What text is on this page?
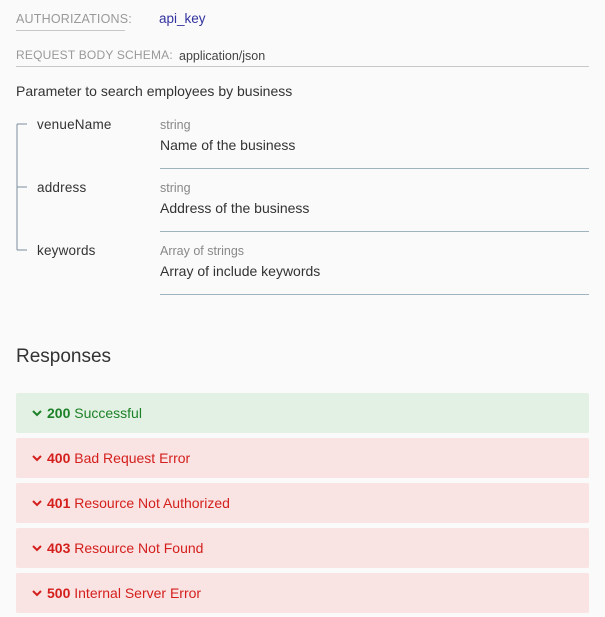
AUTHORIZATIONS: api_key
REQUEST BODY SCHEMA: application/json
Parameter to search employees by business
venueName	string
Name of the business
address	string
Address of the business
keywords	Array of strings
Array of include keywords
Responses
200 Successful
400 Bad Request Error
401 Resource Not Authorized
403 Resource Not Found
500 Internal Server Error
